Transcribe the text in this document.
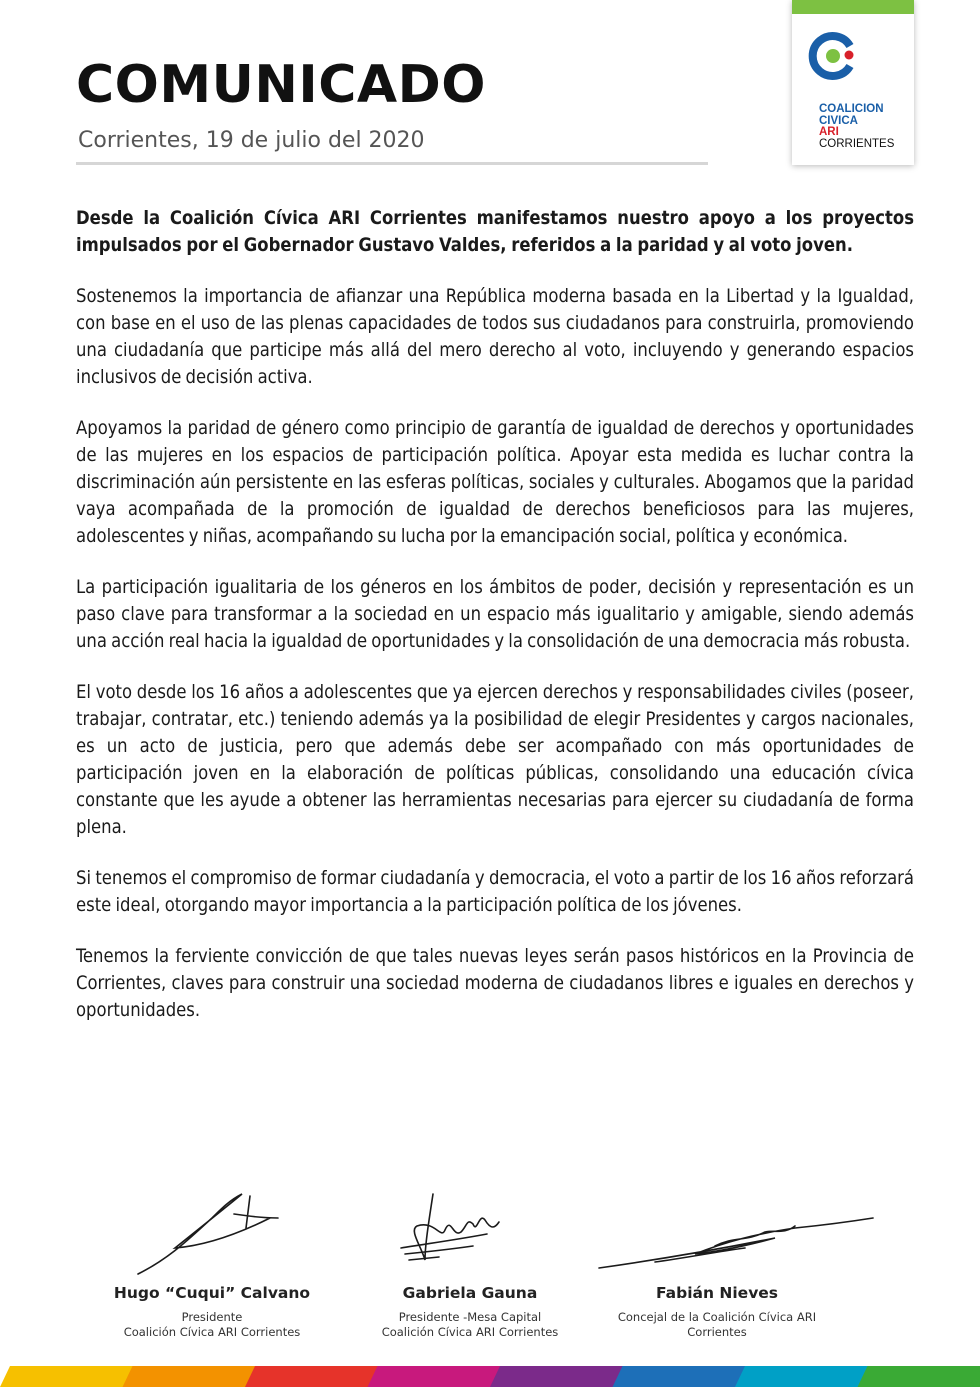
COMUNICADO
Corrientes, 19 de julio del 2020
COALICION
CIVICA
ARI
CORRIENTES

Desde la Coalición Cívica ARI Corrientes manifestamos nuestro apoyo a los proyectos impulsados por el Gobernador Gustavo Valdes, referidos a la paridad y al voto joven.

Sostenemos la importancia de afianzar una República moderna basada en la Libertad y la Igualdad, con base en el uso de las plenas capacidades de todos sus ciudadanos para construirla, promoviendo una ciudadanía que participe más allá del mero derecho al voto, incluyendo y generando espacios inclusivos de decisión activa.

Apoyamos la paridad de género como principio de garantía de igualdad de derechos y oportunidades de las mujeres en los espacios de participación política. Apoyar esta medida es luchar contra la discriminación aún persistente en las esferas políticas, sociales y culturales. Abogamos que la paridad vaya acompañada de la promoción de igualdad de derechos beneficiosos para las mujeres, adolescentes y niñas, acompañando su lucha por la emancipación social, política y económica.

La participación igualitaria de los géneros en los ámbitos de poder, decisión y representación es un paso clave para transformar a la sociedad en un espacio más igualitario y amigable, siendo además una acción real hacia la igualdad de oportunidades y la consolidación de una democracia más robusta.

El voto desde los 16 años a adolescentes que ya ejercen derechos y responsabilidades civiles (poseer, trabajar, contratar, etc.) teniendo además ya la posibilidad de elegir Presidentes y cargos nacionales, es un acto de justicia, pero que además debe ser acompañado con más oportunidades de participación joven en la elaboración de políticas públicas, consolidando una educación cívica constante que les ayude a obtener las herramientas necesarias para ejercer su ciudadanía de forma plena.

Si tenemos el compromiso de formar ciudadanía y democracia, el voto a partir de los 16 años reforzará este ideal, otorgando mayor importancia a la participación política de los jóvenes.

Tenemos la ferviente convicción de que tales nuevas leyes serán pasos históricos en la Provincia de Corrientes, claves para construir una sociedad moderna de ciudadanos libres e iguales en derechos y oportunidades.

Hugo “Cuqui” Calvano
Presidente
Coalición Cívica ARI Corrientes
Gabriela Gauna
Presidente -Mesa Capital
Coalición Cívica ARI Corrientes
Fabián Nieves
Concejal de la Coalición Cívica ARI
Corrientes
